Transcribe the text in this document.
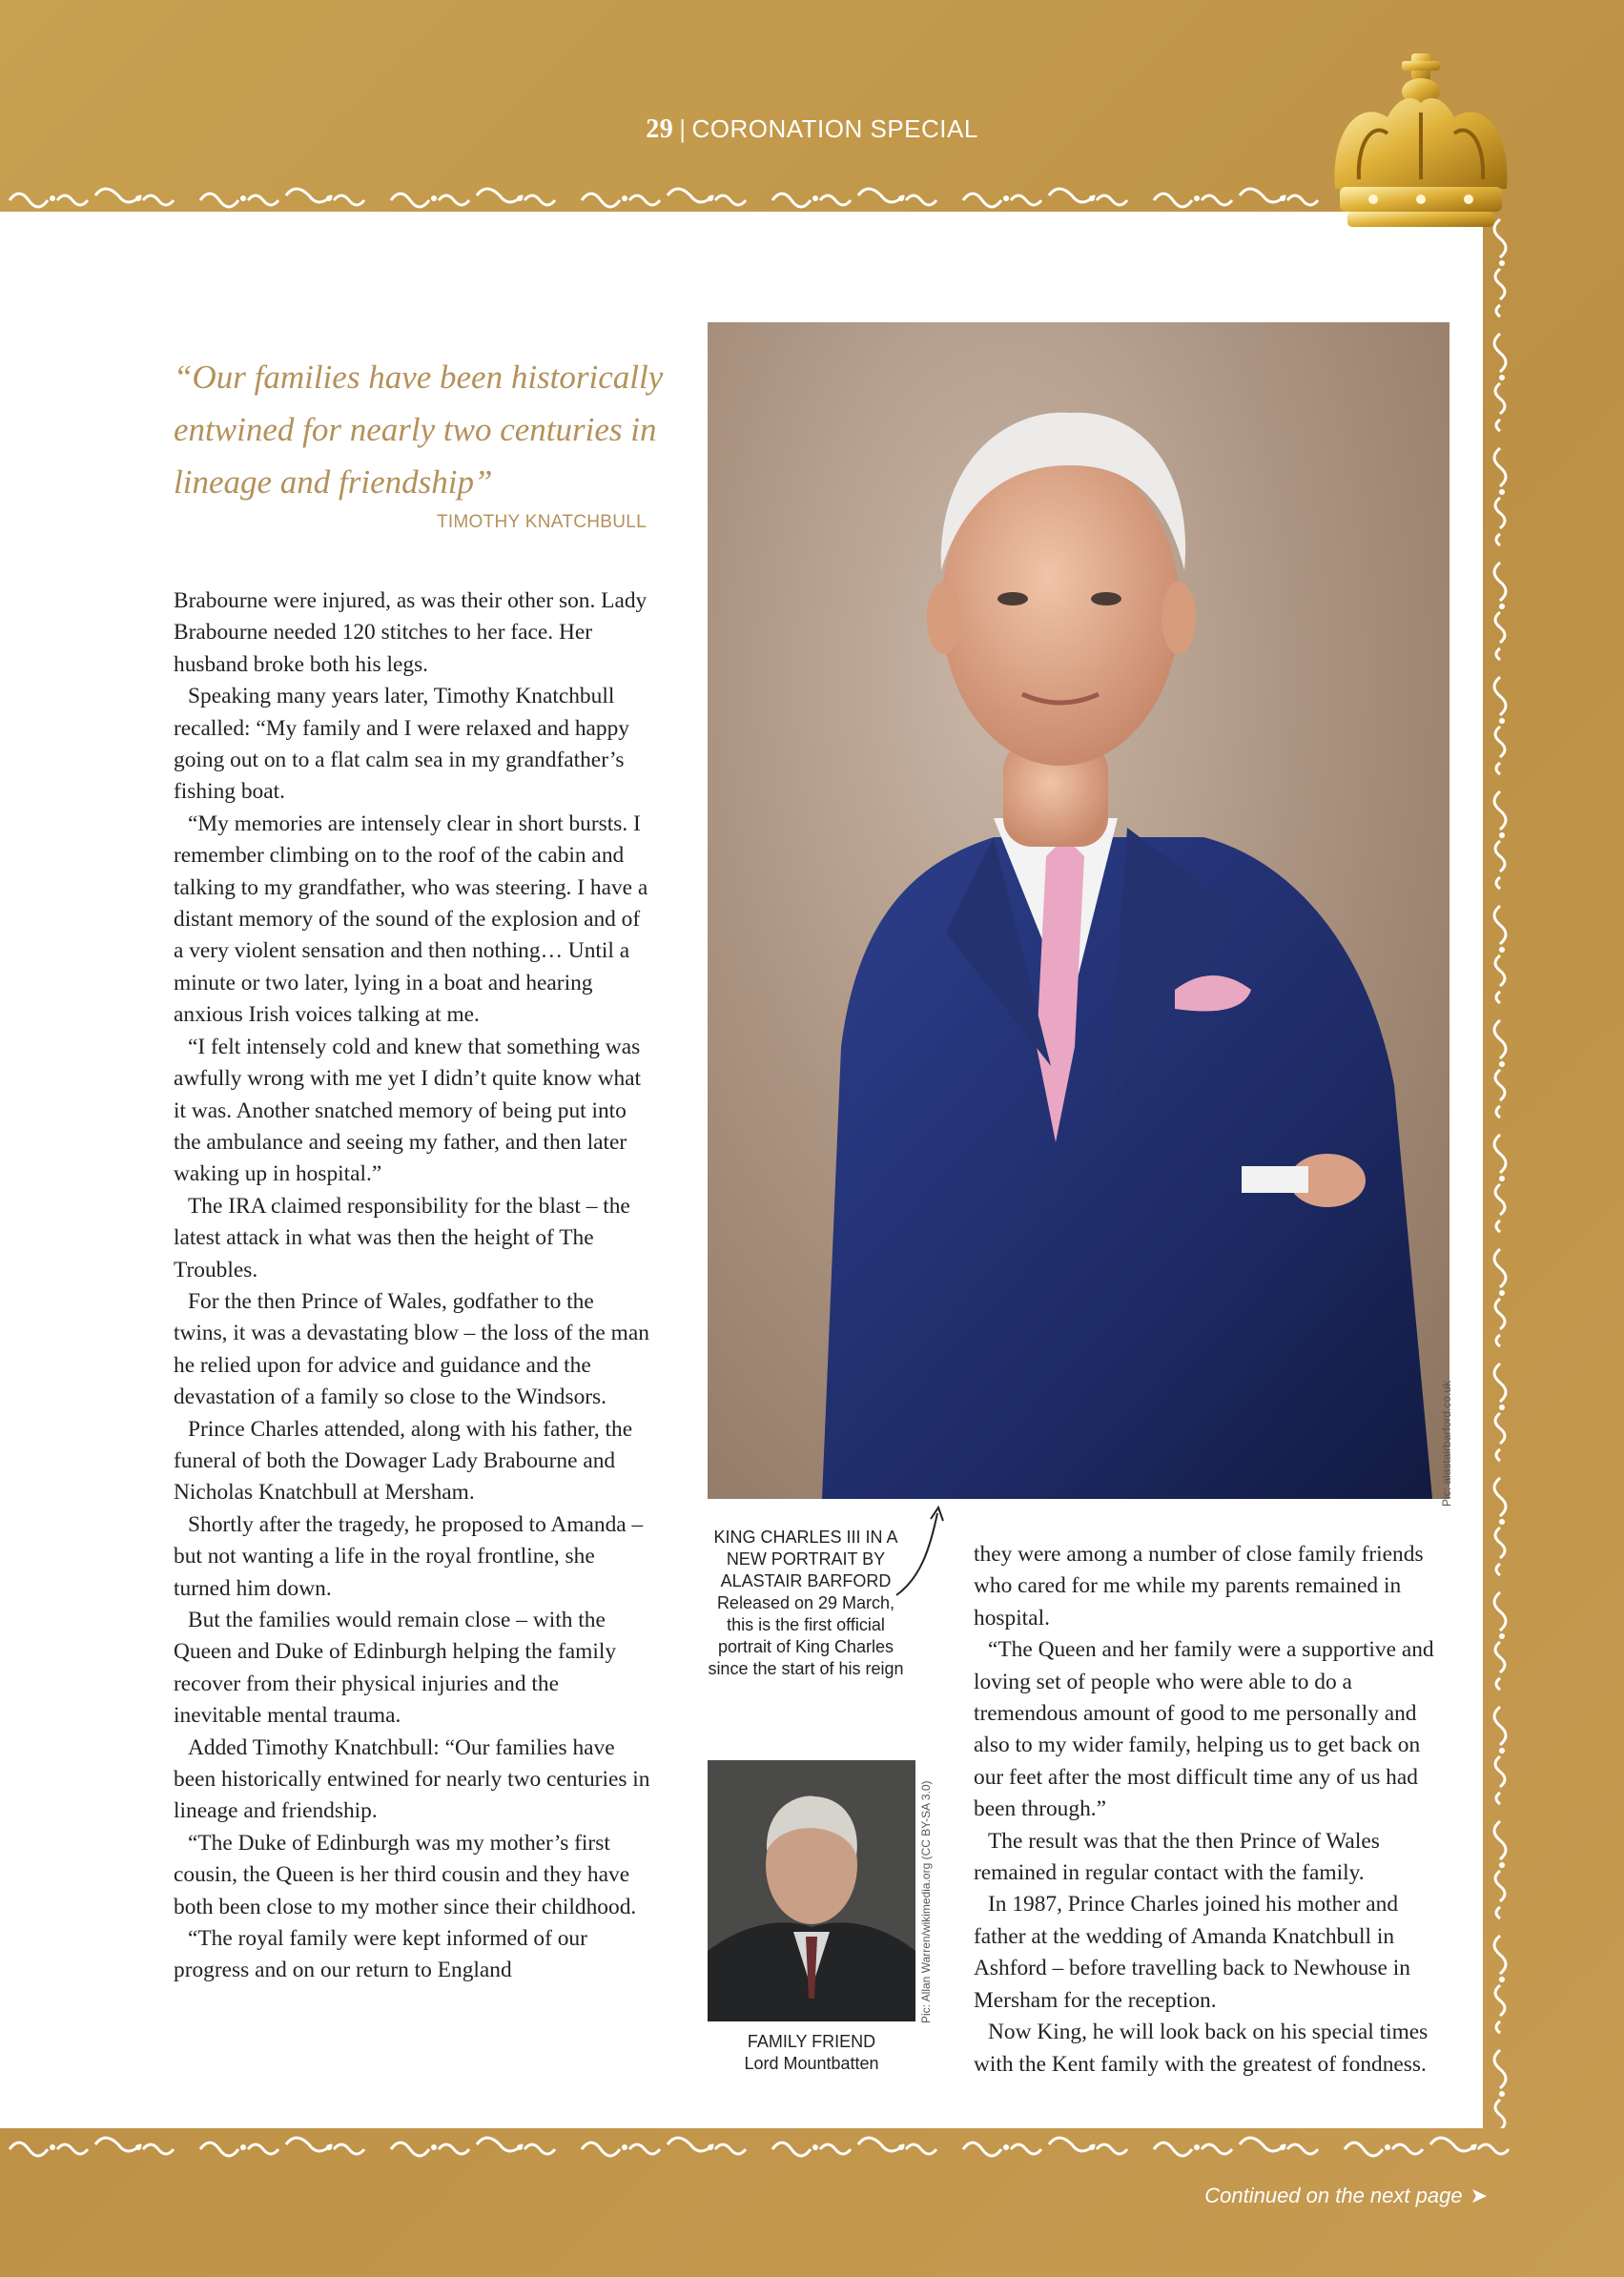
29 | CORONATION SPECIAL
“Our families have been historically entwined for nearly two centuries in lineage and friendship”
TIMOTHY KNATCHBULL

Brabourne were injured, as was their other son. Lady Brabourne needed 120 stitches to her face. Her husband broke both his legs.

Speaking many years later, Timothy Knatchbull recalled: “My family and I were relaxed and happy going out on to a flat calm sea in my grandfather’s fishing boat.

“My memories are intensely clear in short bursts. I remember climbing on to the roof of the cabin and talking to my grandfather, who was steering. I have a distant memory of the sound of the explosion and of a very violent sensation and then nothing… Until a minute or two later, lying in a boat and hearing anxious Irish voices talking at me.

“I felt intensely cold and knew that something was awfully wrong with me yet I didn’t quite know what it was. Another snatched memory of being put into the ambulance and seeing my father, and then later waking up in hospital.”

The IRA claimed responsibility for the blast – the latest attack in what was then the height of The Troubles.

For the then Prince of Wales, godfather to the twins, it was a devastating blow – the loss of the man he relied upon for advice and guidance and the devastation of a family so close to the Windsors.

Prince Charles attended, along with his father, the funeral of both the Dowager Lady Brabourne and Nicholas Knatchbull at Mersham.

Shortly after the tragedy, he proposed to Amanda – but not wanting a life in the royal frontline, she turned him down.

But the families would remain close – with the Queen and Duke of Edinburgh helping the family recover from their physical injuries and the inevitable mental trauma.

Added Timothy Knatchbull: “Our families have been historically entwined for nearly two centuries in lineage and friendship.

“The Duke of Edinburgh was my mother’s first cousin, the Queen is her third cousin and they have both been close to my mother since their childhood.

“The royal family were kept informed of our progress and on our return to England

Pic: alastairbarford.co.uk
KING CHARLES III IN A NEW PORTRAIT BY ALASTAIR BARFORD
Released on 29 March, this is the first official portrait of King Charles since the start of his reign
Pic: Allan Warren/wikimedia.org (CC BY-SA 3.0)
FAMILY FRIEND
Lord Mountbatten

they were among a number of close family friends who cared for me while my parents remained in hospital.

“The Queen and her family were a supportive and loving set of people who were able to do a tremendous amount of good to me personally and also to my wider family, helping us to get back on our feet after the most difficult time any of us had been through.”

The result was that the then Prince of Wales remained in regular contact with the family.

In 1987, Prince Charles joined his mother and father at the wedding of Amanda Knatchbull in Ashford – before travelling back to Newhouse in Mersham for the reception.

Now King, he will look back on his special times with the Kent family with the greatest of fondness.

Continued on the next page ➤
